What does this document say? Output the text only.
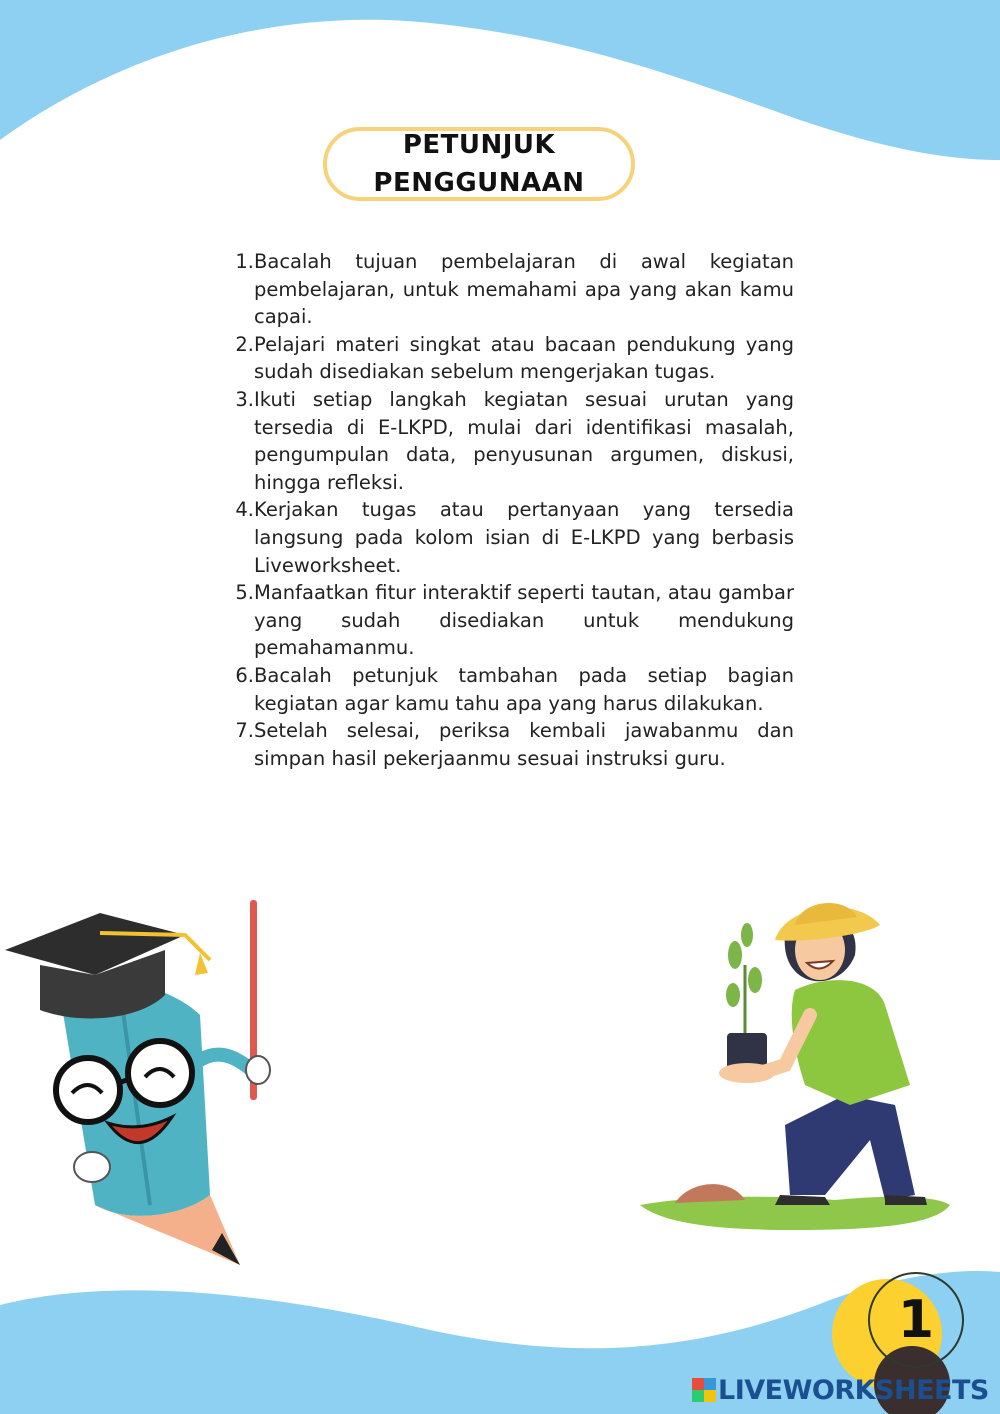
PETUNJUK
PENGGUNAAN
1. Bacalah tujuan pembelajaran di awal kegiatan pembelajaran, untuk memahami apa yang akan kamu capai.
2. Pelajari materi singkat atau bacaan pendukung yang sudah disediakan sebelum mengerjakan tugas.
3. Ikuti setiap langkah kegiatan sesuai urutan yang tersedia di E-LKPD, mulai dari identifikasi masalah, pengumpulan data, penyusunan argumen, diskusi, hingga refleksi.
4. Kerjakan tugas atau pertanyaan yang tersedia langsung pada kolom isian di E-LKPD yang berbasis Liveworksheet.
5. Manfaatkan fitur interaktif seperti tautan, atau gambar yang sudah disediakan untuk mendukung pemahamanmu.
6. Bacalah petunjuk tambahan pada setiap bagian kegiatan agar kamu tahu apa yang harus dilakukan.
7. Setelah selesai, periksa kembali jawabanmu dan simpan hasil pekerjaanmu sesuai instruksi guru.
1
LIVEWORKSHEETS
